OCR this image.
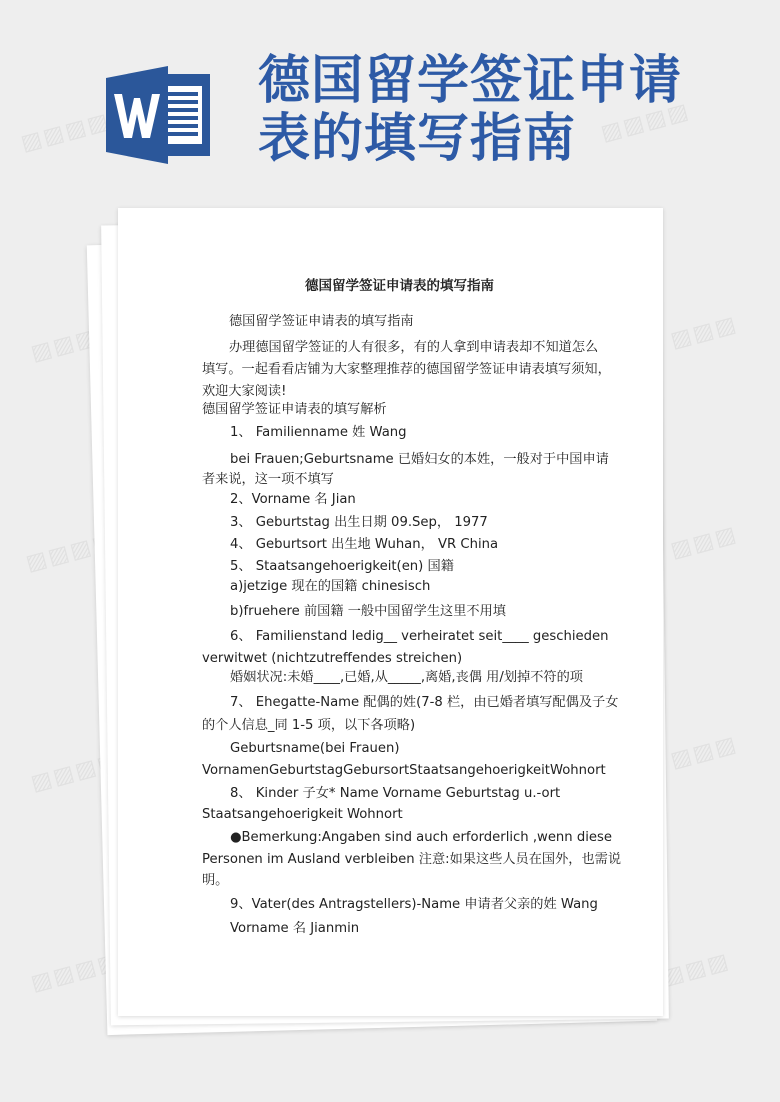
▨▨▨▨	▨▨▨▨
▨▨▨▨	▨▨▨
▨▨▨▨	▨▨▨
▨▨▨▨	▨▨▨
▨▨▨▨	▨▨▨▨
德国留学签证申请
表的填写指南
德国留学签证申请表的填写指南
德国留学签证申请表的填写指南
办理德国留学签证的人有很多，有的人拿到申请表却不知道怎么
填写。一起看看店铺为大家整理推荐的德国留学签证申请表填写须知，
欢迎大家阅读!
德国留学签证申请表的填写解析
1、 Familienname 姓 Wang
bei Frauen;Geburtsname 已婚妇女的本姓，一般对于中国申请
者来说，这一项不填写
2、Vorname 名 Jian
3、 Geburtstag 出生日期 09.Sep， 1977
4、 Geburtsort 出生地 Wuhan， VR China
5、 Staatsangehoerigkeit(en) 国籍
a)jetzige 现在的国籍 chinesisch
b)fruehere 前国籍 一般中国留学生这里不用填
6、 Familienstand ledig__ verheiratet seit____ geschieden
verwitwet (nichtzutreffendes streichen)
婚姻状况:未婚____,已婚,从_____,离婚,丧偶 用/划掉不符的项
7、 Ehegatte-Name 配偶的姓(7-8 栏，由已婚者填写配偶及子女
的个人信息_同 1-5 项，以下各项略)
Geburtsname(bei Frauen)
VornamenGeburtstagGebursortStaatsangehoerigkeitWohnort
8、 Kinder 子女* Name Vorname Geburtstag u.-ort
Staatsangehoerigkeit Wohnort
●Bemerkung:Angaben sind auch erforderlich ,wenn diese
Personen im Ausland verbleiben 注意:如果这些人员在国外，也需说
明。
9、Vater(des Antragstellers)-Name 申请者父亲的姓 Wang
Vorname 名 Jianmin
